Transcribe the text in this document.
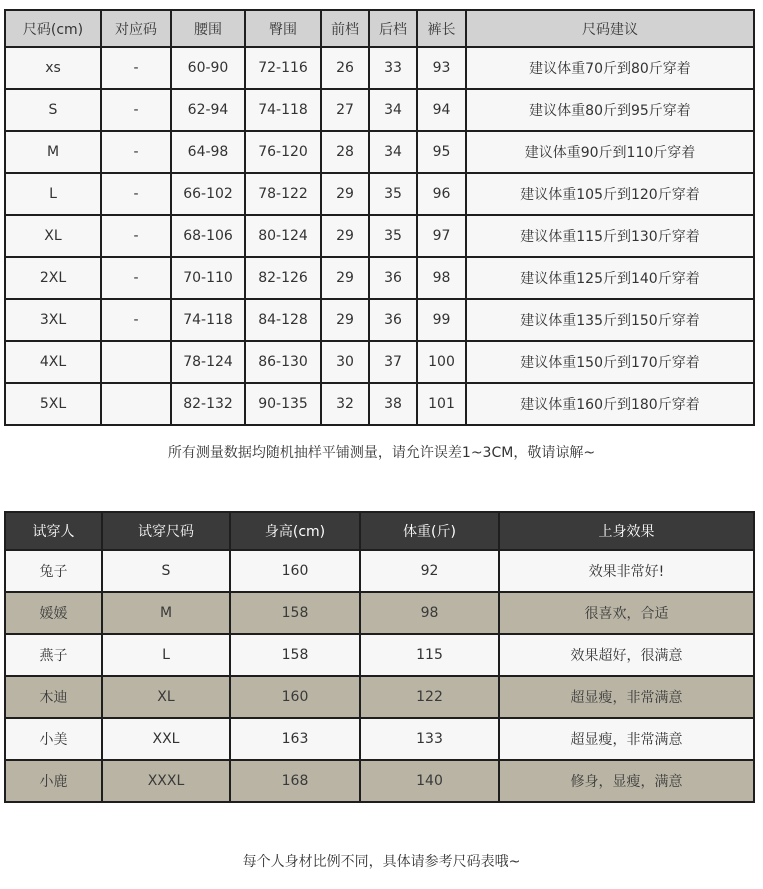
尺码(cm)	对应码	腰围	臀围	前档	后档	裤长	尺码建议
xs	-	60-90	72-116	26	33	93	建议体重70斤到80斤穿着
S	-	62-94	74-118	27	34	94	建议体重80斤到95斤穿着
M	-	64-98	76-120	28	34	95	建议体重90斤到110斤穿着
L	-	66-102	78-122	29	35	96	建议体重105斤到120斤穿着
XL	-	68-106	80-124	29	35	97	建议体重115斤到130斤穿着
2XL	-	70-110	82-126	29	36	98	建议体重125斤到140斤穿着
3XL	-	74-118	84-128	29	36	99	建议体重135斤到150斤穿着
4XL		78-124	86-130	30	37	100	建议体重150斤到170斤穿着
5XL		82-132	90-135	32	38	101	建议体重160斤到180斤穿着
所有测量数据均随机抽样平铺测量，请允许误差1~3CM，敬请谅解~
试穿人	试穿尺码	身高(cm)	体重(斤)	上身效果
兔子	S	160	92	效果非常好!
媛媛	M	158	98	很喜欢，合适
燕子	L	158	115	效果超好，很满意
木迪	XL	160	122	超显瘦，非常满意
小美	XXL	163	133	超显瘦，非常满意
小鹿	XXXL	168	140	修身，显瘦，满意
每个人身材比例不同，具体请参考尺码表哦~
